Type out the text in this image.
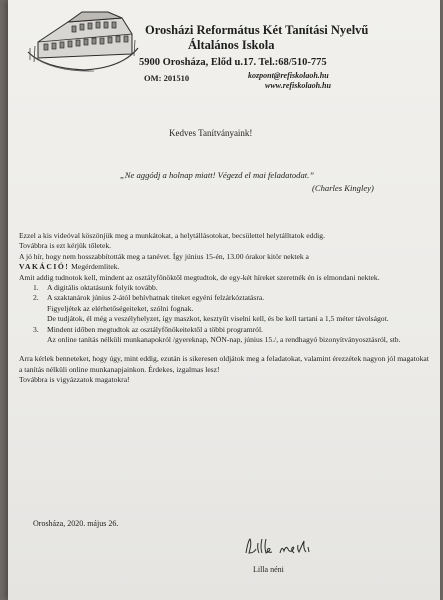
Orosházi Református Két Tanítási Nyelvű
Általános Iskola
5900 Orosháza, Előd u.17. Tel.:68/510-775
OM: 201510	kozpont@refiskolaoh.hu
www.refiskolaoh.hu
Kedves Tanítványaink!
„Ne aggódj a holnap miatt! Végezd el mai feladatodat.”
(Charles Kingley)

Ezzel a kis videóval köszönjük meg a munkátokat, a helytállásotokat, becsülettel helytálltatok eddig.

Továbbra is ezt kérjük tőletek.

A jó hír, hogy nem hosszabbították meg a tanévet. Így június 15-én, 13.00 órakor kitör nektek a
VAKÁCIÓ! Megérdemlitek.

Amit addig tudnotok kell, mindent az osztályfőnöktől megtudtok, de egy-két híreket szeretnék én is elmondani nektek.

1. A digitális oktatásunk folyik tovább.
2. A szaktanárok június 2-ától behívhatnak titeket egyéni felzárkóztatásra.
Figyeljétek az elérhetőségeiteket, szólni fognak.
De tudjátok, él még a veszélyhelyzet, így maszkot, kesztyűt viselni kell, és be kell tartani a 1,5 méter távolságot.
3. Mindent időben megtudtok az osztályfőnökeitektől a többi programról.
Az online tanítás nélküli munkanapokról /gyereknap, NÖN-nap, június 15./, a rendhagyó bizonyítványosztásról, stb.

Arra kérlek benneteket, hogy úgy, mint eddig, ezután is sikeresen oldjátok meg a feladatokat, valamint érezzétek nagyon jól magatokat a tanítás nélküli online munkanapjainkon. Érdekes, izgalmas lesz!

Továbbra is vigyázzatok magatokra!

Orosháza, 2020. május 26.
Lilla néni
